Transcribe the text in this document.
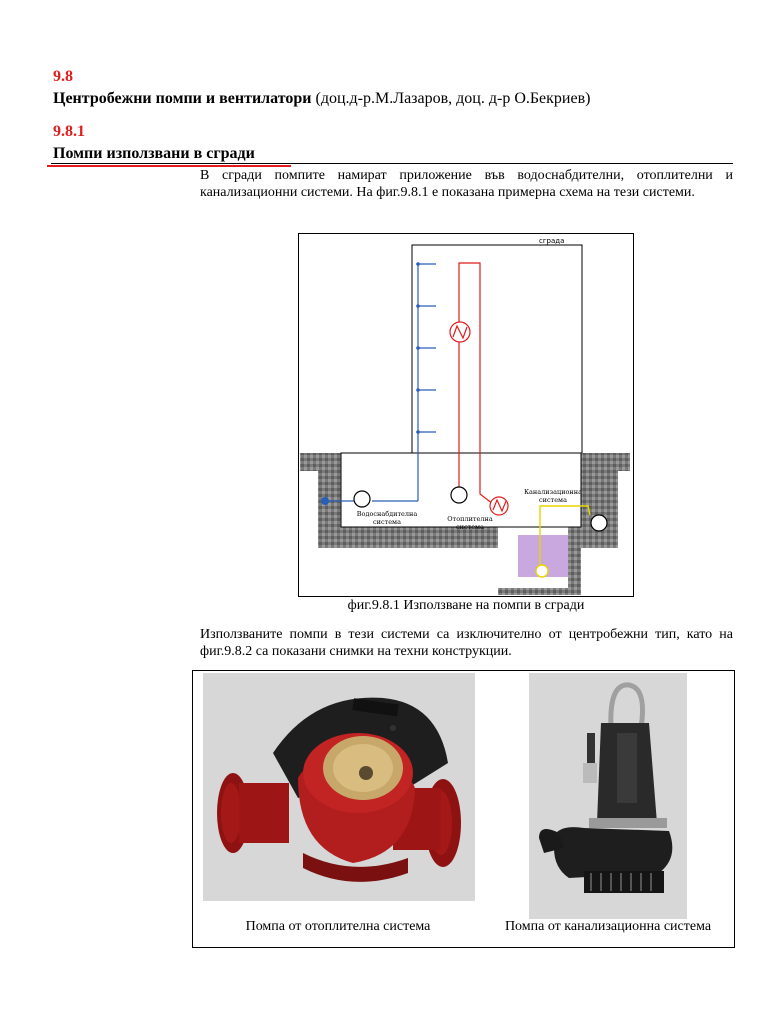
9.8
Центробежни помпи и вентилатори (доц.д-р.М.Лазаров, доц. д-р О.Бекриев)
9.8.1
Помпи използвани в сгради
В сгради помпите намират приложение във водоснабдителни, отоплителни и канализационни системи. На фиг.9.8.1 е показана примерна схема на тези системи.
сграда
Водоснабдителна система	Отоплителна система
Канализационна система
фиг.9.8.1 Използване на помпи в сгради
Използваните помпи в тези системи са изключително от центробежни тип, като на фиг.9.8.2 са показани снимки на техни конструкции.
Помпа от отоплителна система	Помпа от канализационна система
